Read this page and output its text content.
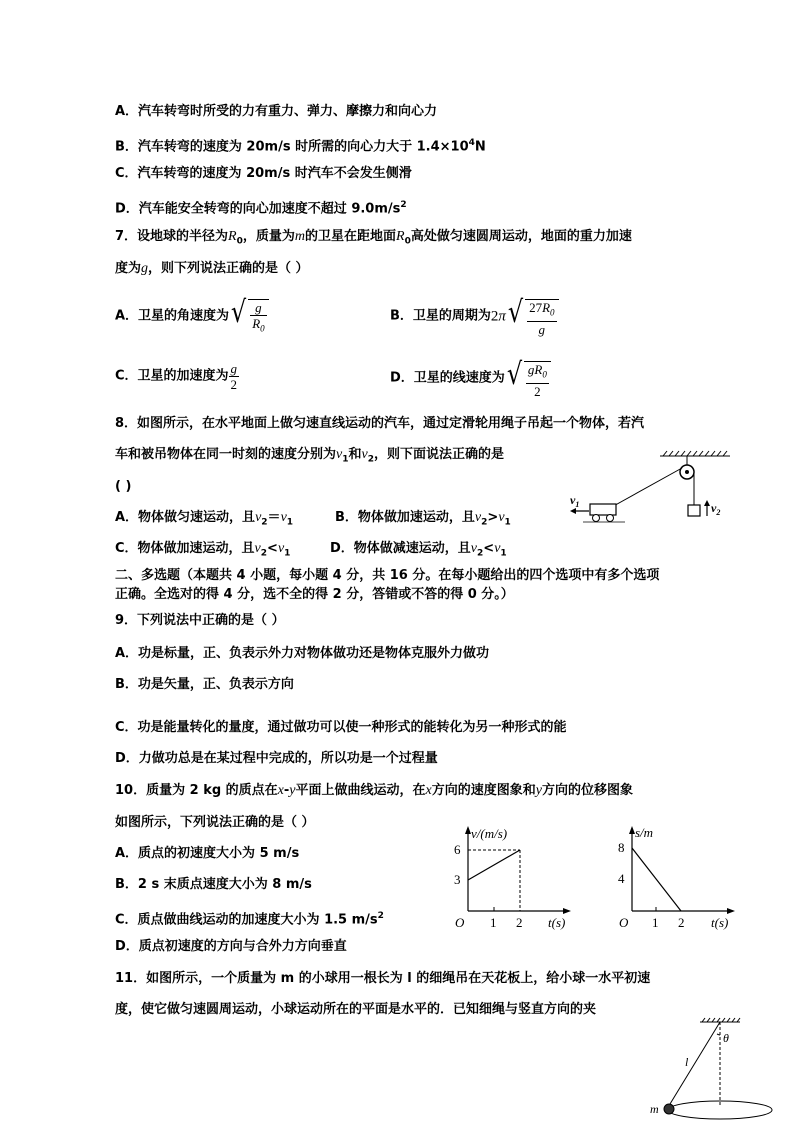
A．汽车转弯时所受的力有重力、弹力、摩擦力和向心力
B．汽车转弯的速度为 20m/s 时所需的向心力大于 $1.4\times 10^4N$
C．汽车转弯的速度为 20m/s 时汽车不会发生侧滑
D．汽车能安全转弯的向心加速度不超过 $9.0m/s^2$
7．设地球的半径为$R_0$，质量为m的卫星在距地面$R_0$高处做匀速圆周运动，地面的重力加速
度为g，则下列说法正确的是（ ）
A．卫星的角速度为 √ $\frac{g}{R_0}$	B．卫星的周期为2π √ $\frac{27R_0}{g}$
C．卫星的加速度为 $\frac{g}{2}$	D．卫星的线速度为 √ $\frac{gR_0}{2}$
8．如图所示，在水平地面上做匀速直线运动的汽车，通过定滑轮用绳子吊起一个物体，若汽
车和被吊物体在同一时刻的速度分别为$v_1$和$v_2$，则下面说法正确的是
( )
A．物体做匀速运动，且$v_2=v_1$	B．物体做加速运动，且$v_2>v_1$
C．物体做加速运动，且$v_2<v_1$	D．物体做减速运动，且$v_2<v_1$
$v_1$	$v_2$
二、多选题（本题共 4 小题，每小题 4 分，共 16 分。在每小题给出的四个选项中有多个选项
正确。全选对的得 4 分，选不全的得 2 分，答错或不答的得 0 分。）
9．下列说法中正确的是（ ）
A．功是标量，正、负表示外力对物体做功还是物体克服外力做功
B．功是矢量，正、负表示方向
C．功是能量转化的量度，通过做功可以使一种形式的能转化为另一种形式的能
D．力做功总是在某过程中完成的，所以功是一个过程量
10．质量为 2 kg 的质点在x-y平面上做曲线运动，在x方向的速度图象和y方向的位移图象
如图所示，下列说法正确的是（ ）
A．质点的初速度大小为 5 m/s
B．2 s 末质点速度大小为 8 m/s
C．质点做曲线运动的加速度大小为 1.5 $m/s^2$
D．质点初速度的方向与合外力方向垂直
v/(m/s)
6
3
O 1 2 t(s)
s/m
8
4
O 1 2 t(s)
11．如图所示，一个质量为 m 的小球用一根长为 l 的细绳吊在天花板上，给小球一水平初速
度，使它做匀速圆周运动，小球运动所在的平面是水平的．已知细绳与竖直方向的夹
l
θ
m
